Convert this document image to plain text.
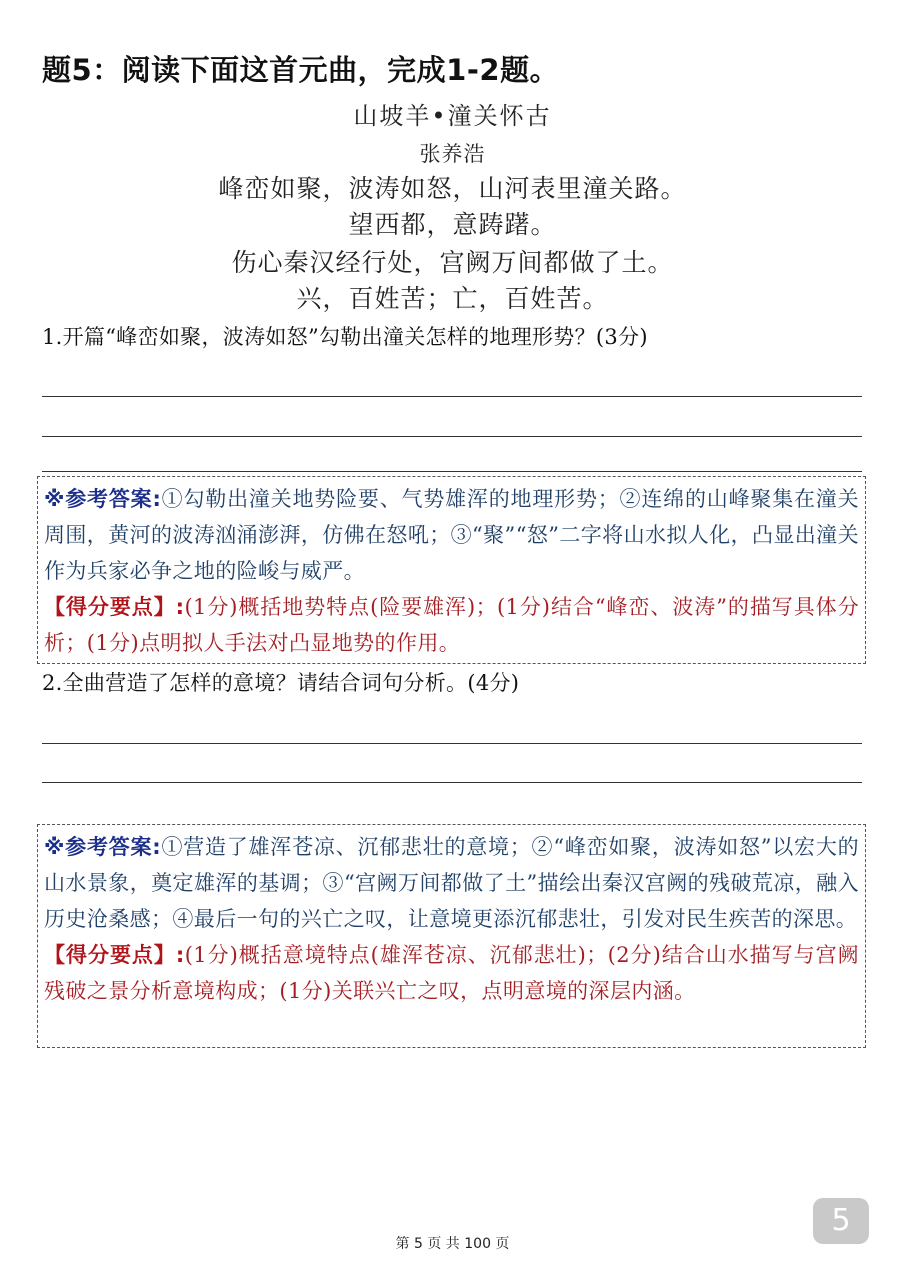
题5：阅读下面这首元曲，完成1-2题。
山坡羊•潼关怀古
张养浩
峰峦如聚，波涛如怒，山河表里潼关路。
望西都，意踌躇。
伤心秦汉经行处，宫阙万间都做了土。
兴，百姓苦；亡，百姓苦。
1.开篇“峰峦如聚，波涛如怒”勾勒出潼关怎样的地理形势？(3分)

※参考答案:①勾勒出潼关地势险要、气势雄浑的地理形势；②连绵的山峰聚集在潼关周围，黄河的波涛汹涌澎湃，仿佛在怒吼；③“聚”“怒”二字将山水拟人化，凸显出潼关作为兵家必争之地的险峻与威严。

【得分要点】:(1分)概括地势特点(险要雄浑)；(1分)结合“峰峦、波涛”的描写具体分析；(1分)点明拟人手法对凸显地势的作用。

2.全曲营造了怎样的意境？请结合词句分析。(4分)

※参考答案:①营造了雄浑苍凉、沉郁悲壮的意境；②“峰峦如聚，波涛如怒”以宏大的山水景象，奠定雄浑的基调；③“宫阙万间都做了土”描绘出秦汉宫阙的残破荒凉，融入历史沧桑感；④最后一句的兴亡之叹，让意境更添沉郁悲壮，引发对民生疾苦的深思。

【得分要点】:(1分)概括意境特点(雄浑苍凉、沉郁悲壮)；(2分)结合山水描写与宫阙残破之景分析意境构成；(1分)关联兴亡之叹，点明意境的深层内涵。

第 5 页 共 100 页
5
